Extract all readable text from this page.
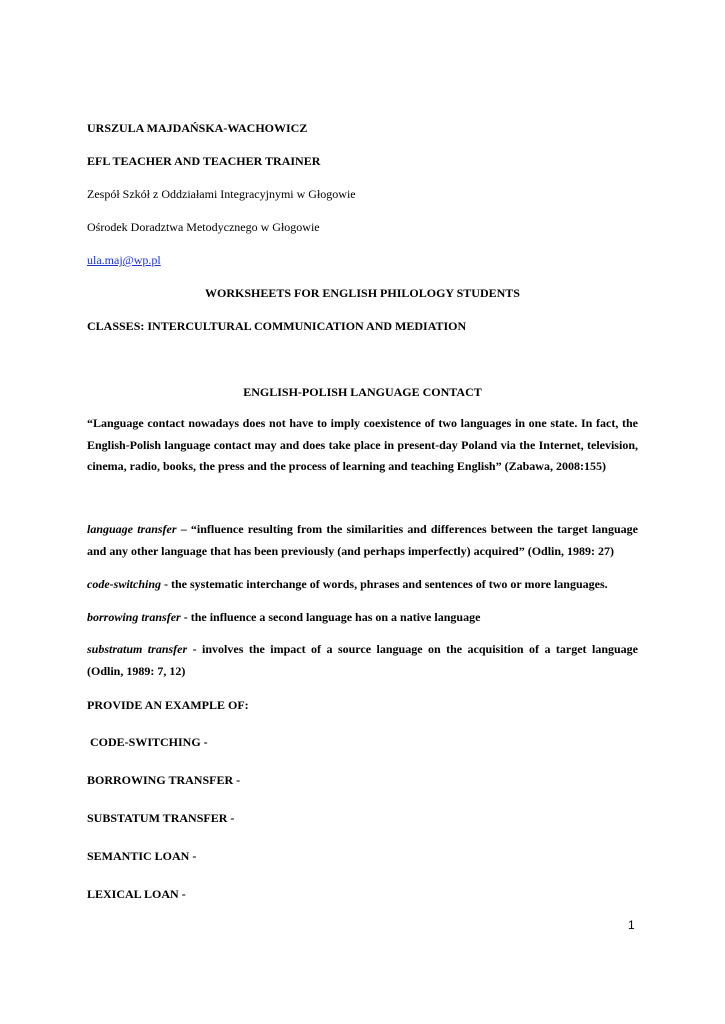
URSZULA MAJDAŃSKA-WACHOWICZ

EFL TEACHER AND TEACHER TRAINER

Zespół Szkół z Oddziałami Integracyjnymi w Głogowie

Ośrodek Doradztwa Metodycznego w Głogowie

ula.maj@wp.pl

WORKSHEETS FOR ENGLISH PHILOLOGY STUDENTS

CLASSES: INTERCULTURAL COMMUNICATION AND MEDIATION

ENGLISH-POLISH LANGUAGE CONTACT

“Language contact nowadays does not have to imply coexistence of two languages in one state. In fact, the English-Polish language contact may and does take place in present-day Poland via the Internet, television, cinema, radio, books, the press and the process of learning and teaching English” (Zabawa, 2008:155)

language transfer – “influence resulting from the similarities and differences between the target language and any other language that has been previously (and perhaps imperfectly) acquired” (Odlin, 1989: 27)

code-switching - the systematic interchange of words, phrases and sentences of two or more languages.

borrowing transfer - the influence a second language has on a native language

substratum transfer - involves the impact of a source language on the acquisition of a target language (Odlin, 1989: 7, 12)

PROVIDE AN EXAMPLE OF:

CODE-SWITCHING -

BORROWING TRANSFER -

SUBSTATUM TRANSFER -

SEMANTIC LOAN -

LEXICAL LOAN -

1
